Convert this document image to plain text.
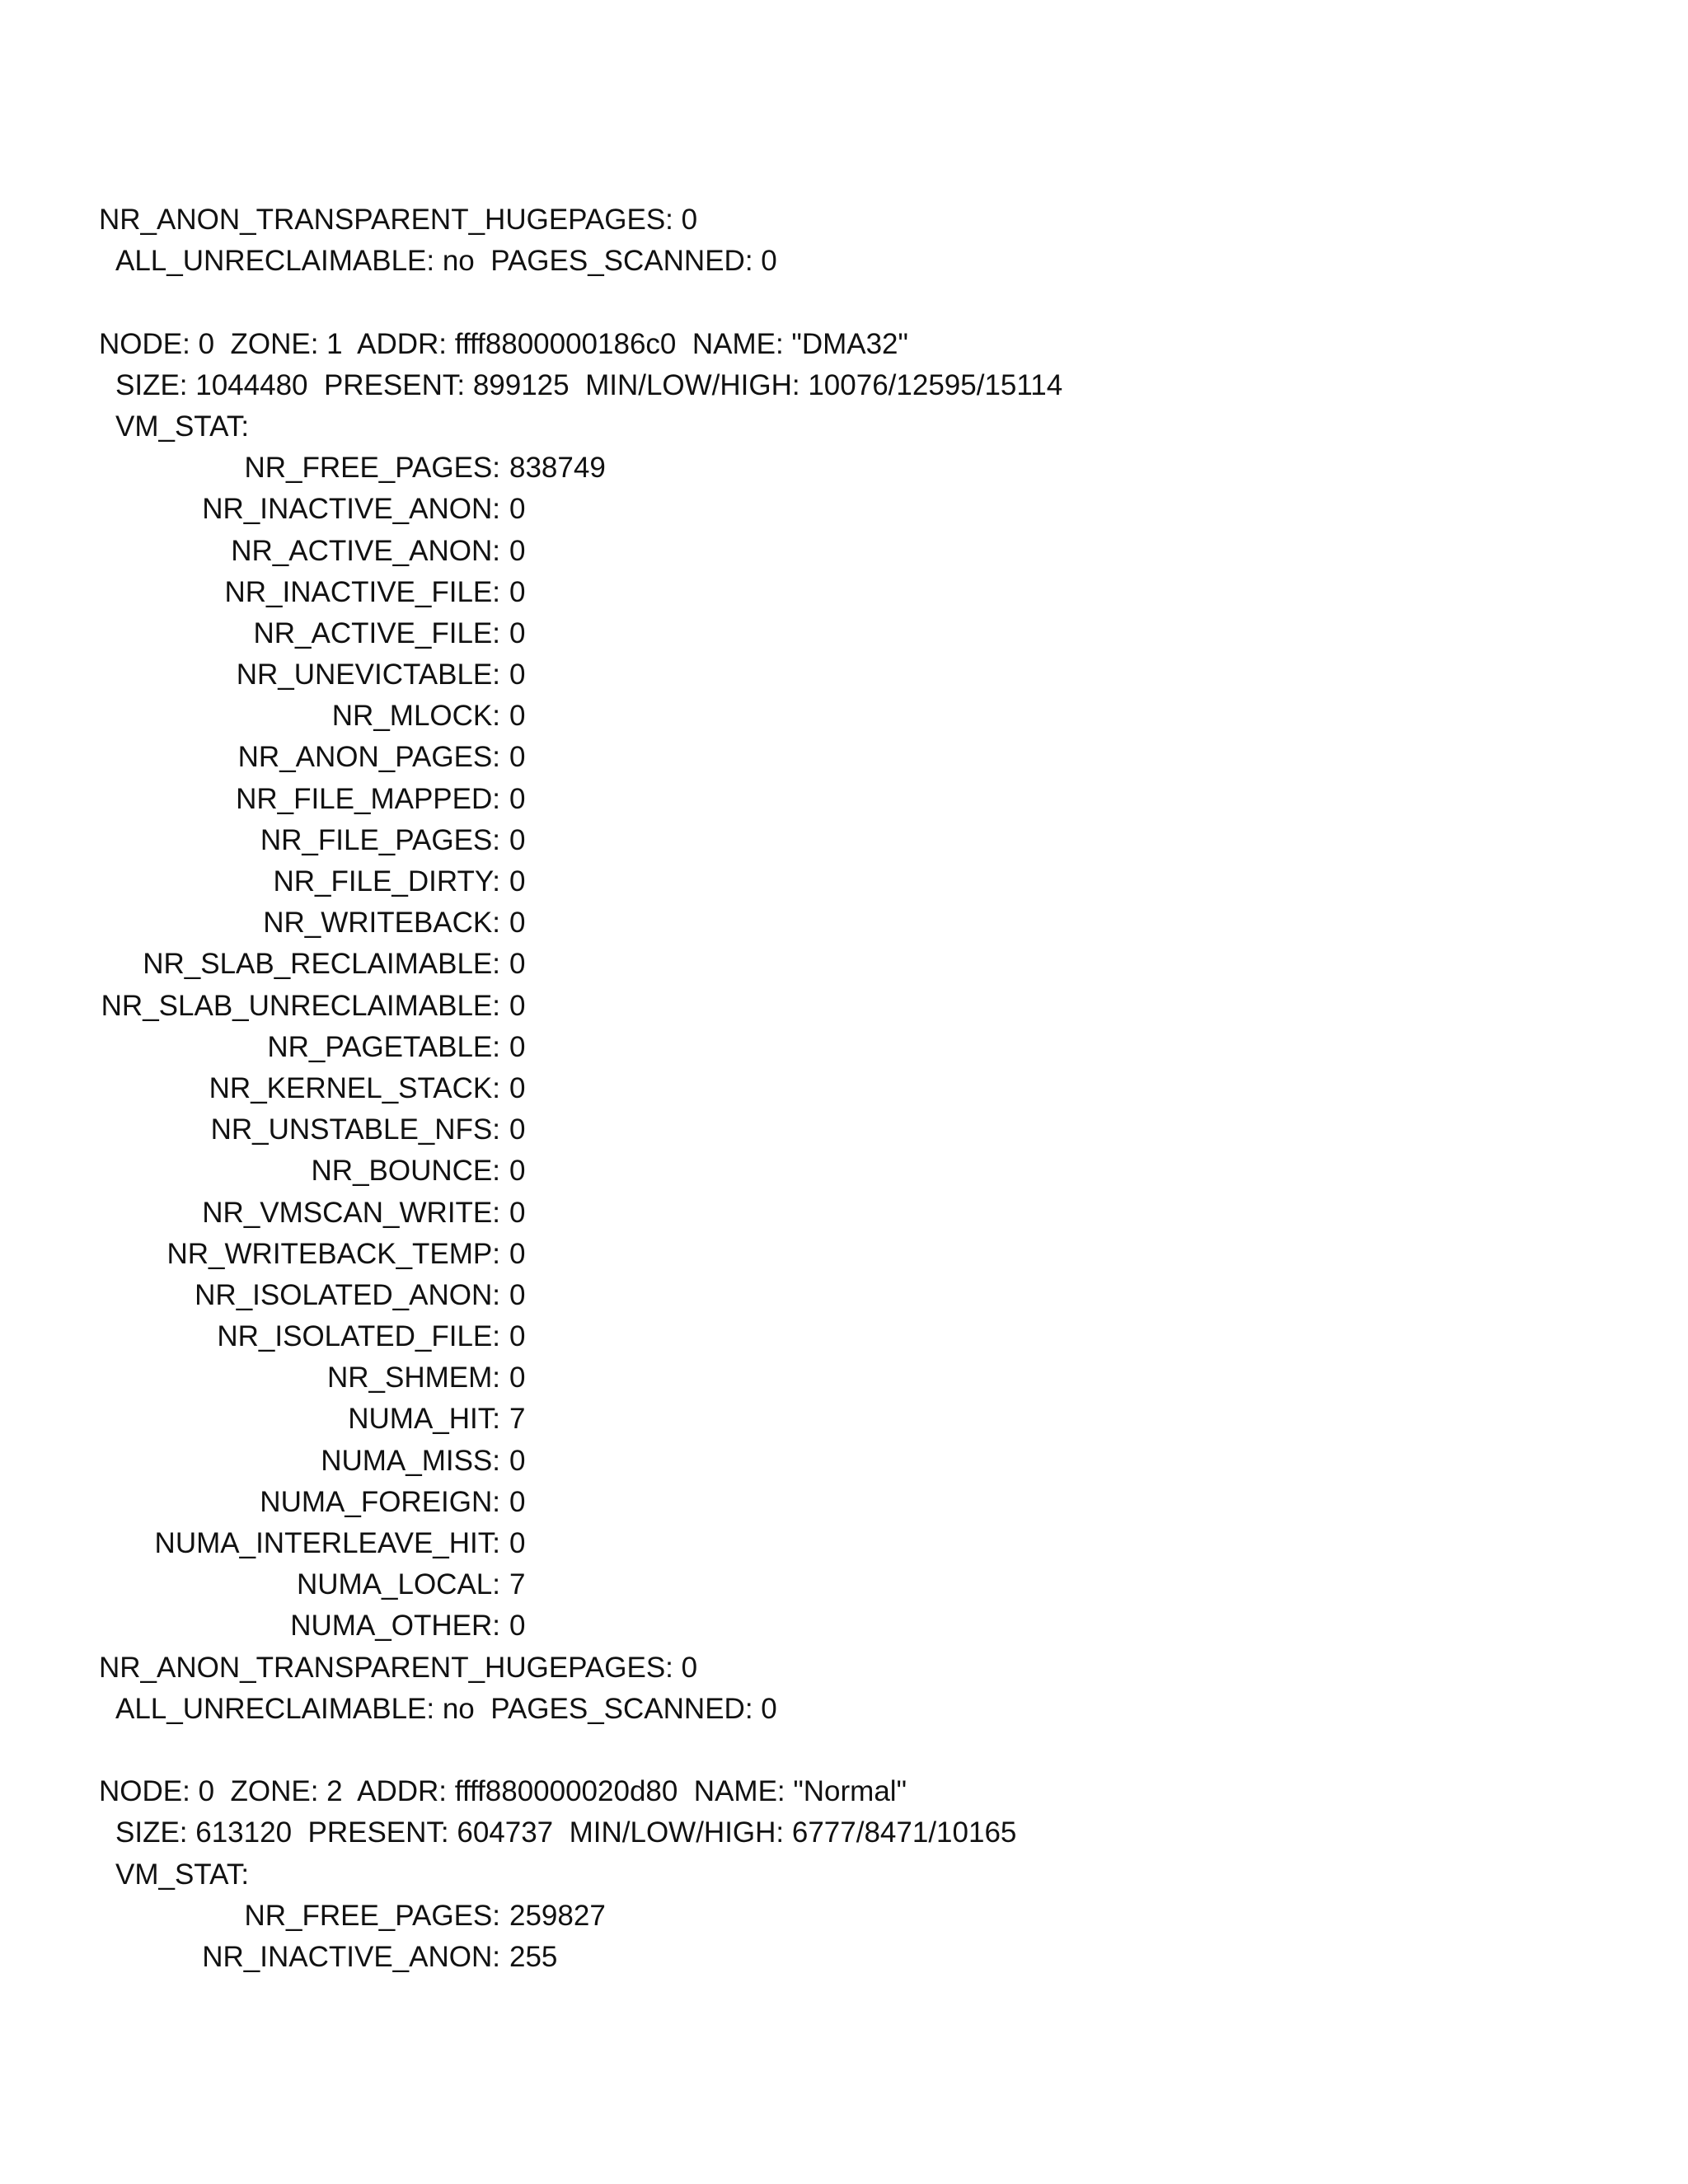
NR_ANON_TRANSPARENT_HUGEPAGES: 0
ALL_UNRECLAIMABLE: no  PAGES_SCANNED: 0
NODE: 0  ZONE: 1  ADDR: ffff8800000186c0  NAME: "DMA32"
SIZE: 1044480  PRESENT: 899125  MIN/LOW/HIGH: 10076/12595/15114
VM_STAT:
NR_FREE_PAGES: 838749
NR_INACTIVE_ANON: 0
NR_ACTIVE_ANON: 0
NR_INACTIVE_FILE: 0
NR_ACTIVE_FILE: 0
NR_UNEVICTABLE: 0
NR_MLOCK: 0
NR_ANON_PAGES: 0
NR_FILE_MAPPED: 0
NR_FILE_PAGES: 0
NR_FILE_DIRTY: 0
NR_WRITEBACK: 0
NR_SLAB_RECLAIMABLE: 0
NR_SLAB_UNRECLAIMABLE: 0
NR_PAGETABLE: 0
NR_KERNEL_STACK: 0
NR_UNSTABLE_NFS: 0
NR_BOUNCE: 0
NR_VMSCAN_WRITE: 0
NR_WRITEBACK_TEMP: 0
NR_ISOLATED_ANON: 0
NR_ISOLATED_FILE: 0
NR_SHMEM: 0
NUMA_HIT: 7
NUMA_MISS: 0
NUMA_FOREIGN: 0
NUMA_INTERLEAVE_HIT: 0
NUMA_LOCAL: 7
NUMA_OTHER: 0
NR_ANON_TRANSPARENT_HUGEPAGES: 0
ALL_UNRECLAIMABLE: no  PAGES_SCANNED: 0
NODE: 0  ZONE: 2  ADDR: ffff880000020d80  NAME: "Normal"
SIZE: 613120  PRESENT: 604737  MIN/LOW/HIGH: 6777/8471/10165
VM_STAT:
NR_FREE_PAGES: 259827
NR_INACTIVE_ANON: 255
